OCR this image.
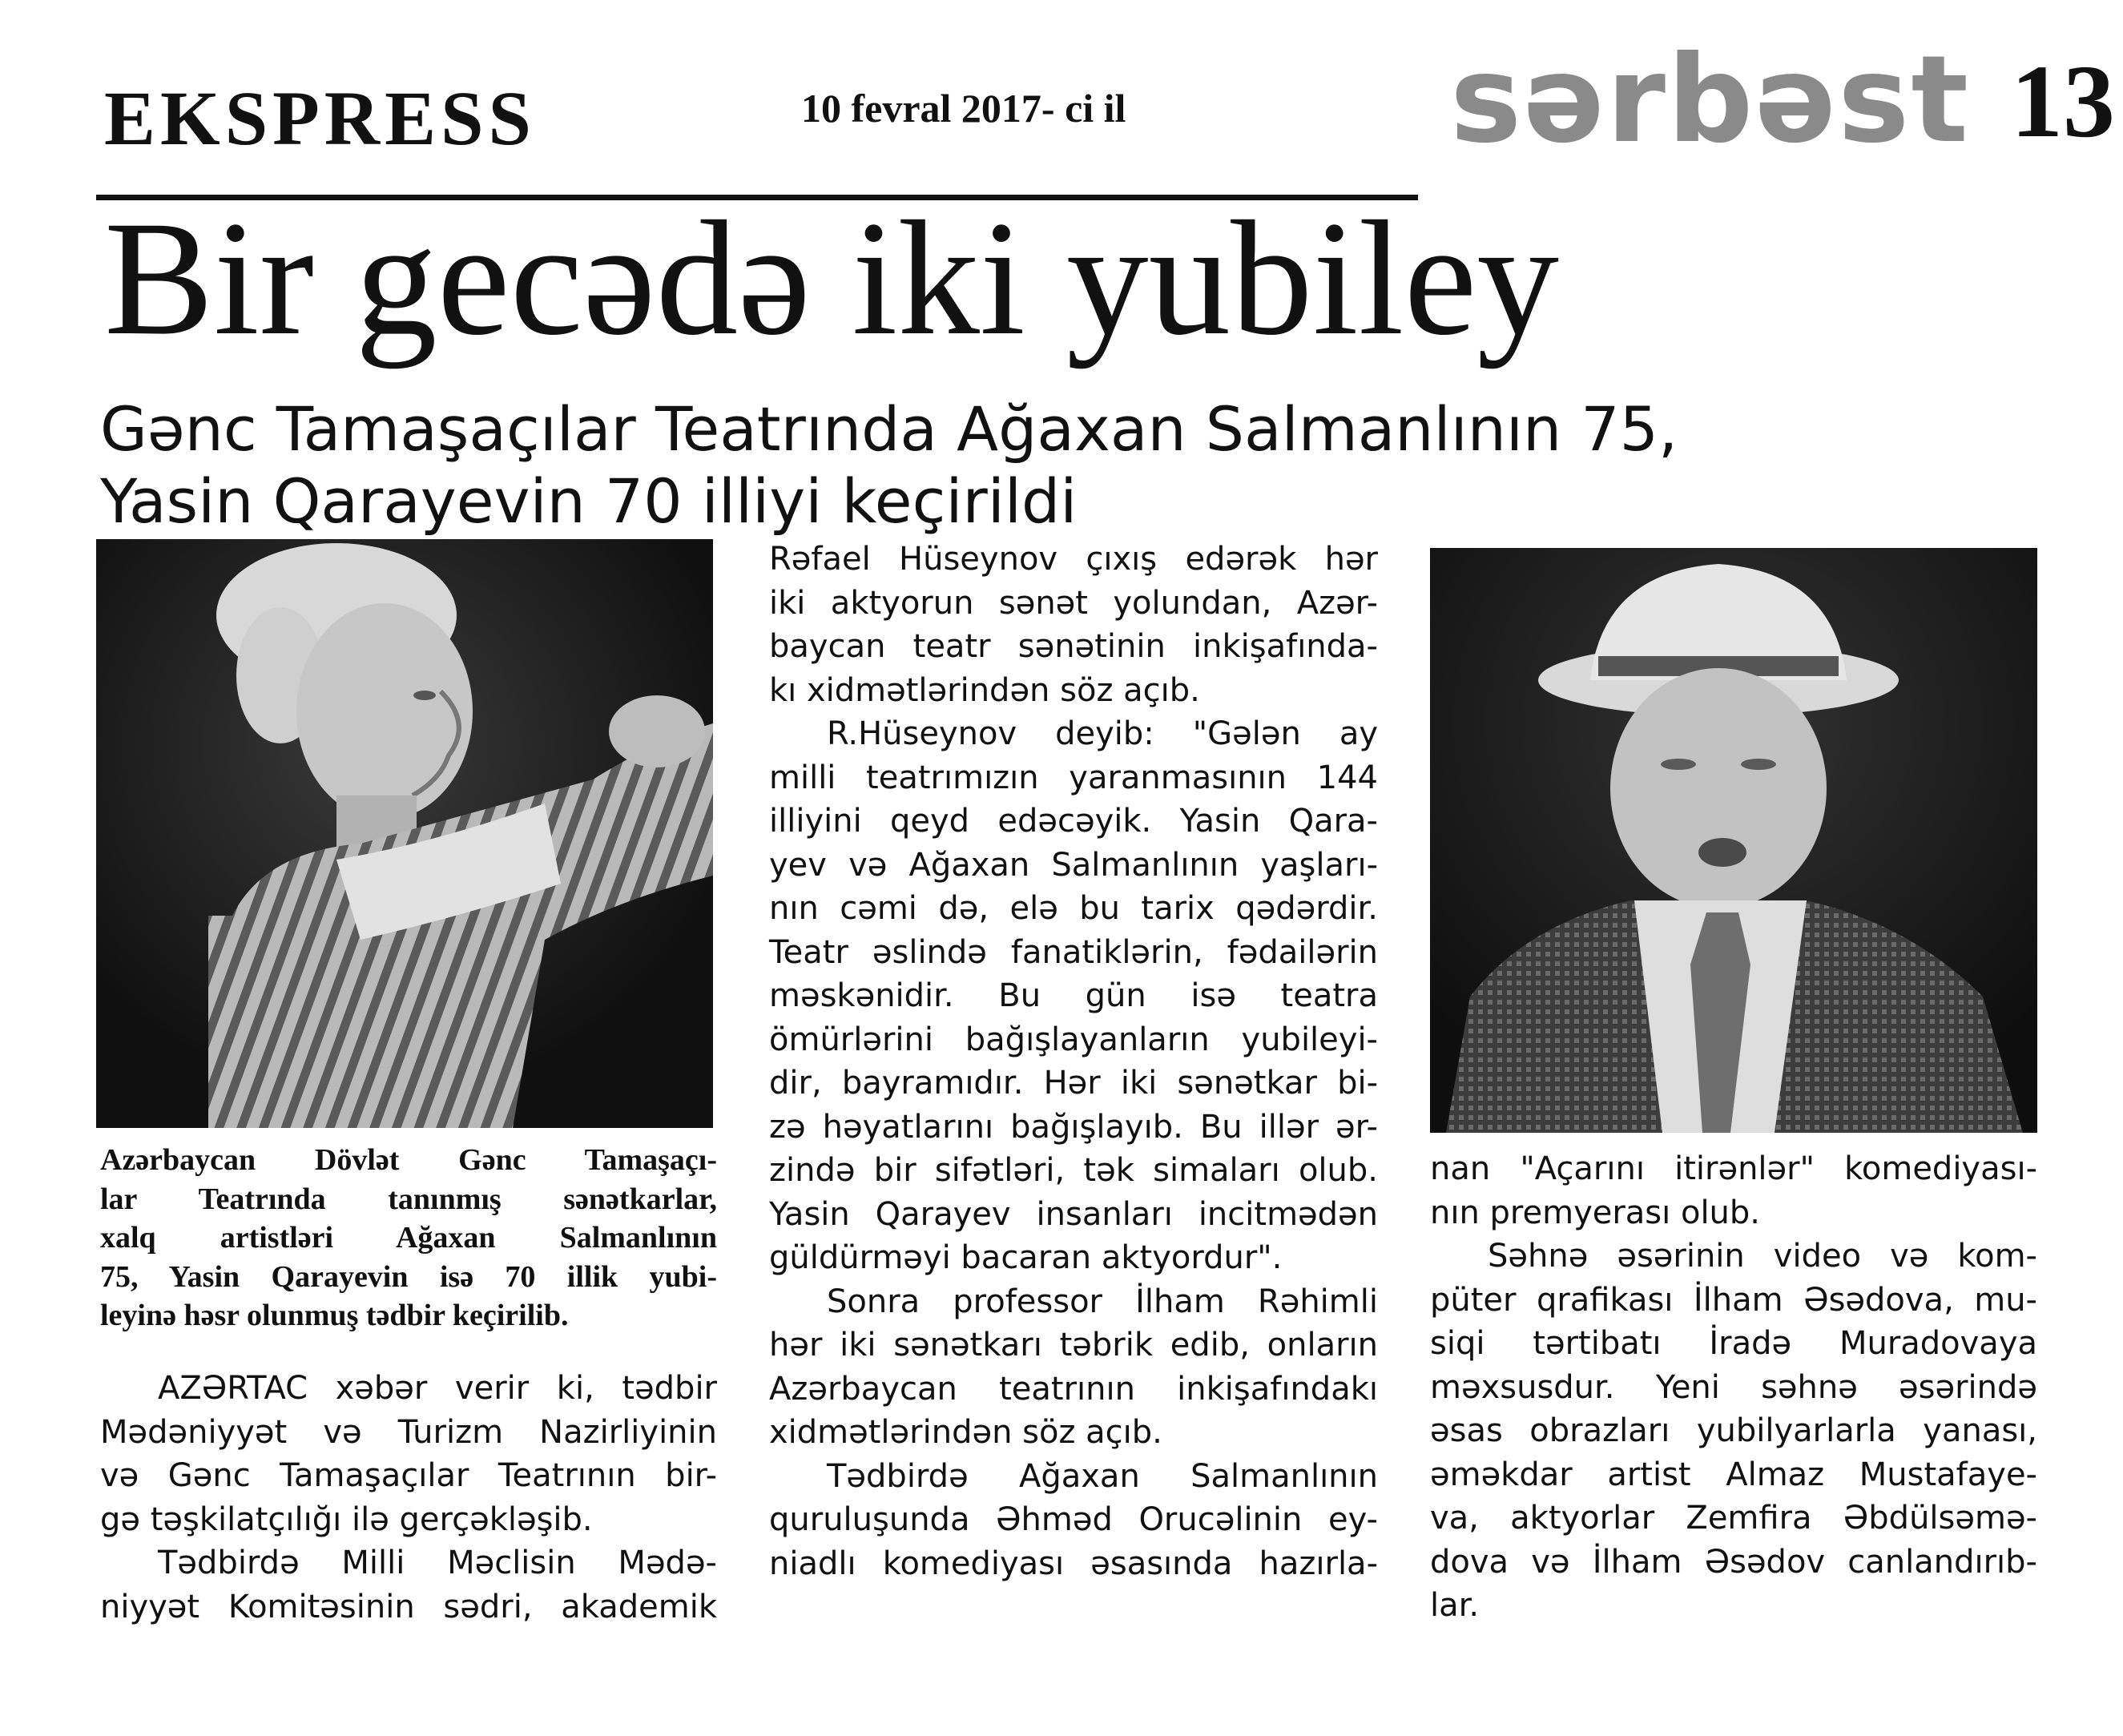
EKSPRESS	10 fevral 2017- ci il	sərbəst 13
Bir gecədə iki yubiley
Gənc Tamaşaçılar Teatrında Ağaxan Salmanlının 75,
Yasin Qarayevin 70 illiyi keçirildi
Azərbaycan Dövlət Gənc Tamaşaçı-
lar Teatrında tanınmış sənətkarlar,
xalq artistləri Ağaxan Salmanlının
75, Yasin Qarayevin isə 70 illik yubi-
leyinə həsr olunmuş tədbir keçirilib.
AZƏRTAC xəbər verir ki, tədbir
Mədəniyyət və Turizm Nazirliyinin
və Gənc Tamaşaçılar Teatrının bir-
gə təşkilatçılığı ilə gerçəkləşib.
Tədbirdə Milli Məclisin Mədə-
niyyət Komitəsinin sədri, akademik
Rəfael Hüseynov çıxış edərək hər
iki aktyorun sənət yolundan, Azər-
baycan teatr sənətinin inkişafında-
kı xidmətlərindən söz açıb.
R.Hüseynov deyib: "Gələn ay
milli teatrımızın yaranmasının 144
illiyini qeyd edəcəyik. Yasin Qara-
yev və Ağaxan Salmanlının yaşları-
nın cəmi də, elə bu tarix qədərdir.
Teatr əslində fanatiklərin, fədailərin
məskənidir. Bu gün isə teatra
ömürlərini bağışlayanların yubileyi-
dir, bayramıdır. Hər iki sənətkar bi-
zə həyatlarını bağışlayıb. Bu illər ər-
zində bir sifətləri, tək simaları olub.
Yasin Qarayev insanları incitmədən
güldürməyi bacaran aktyordur".
Sonra professor İlham Rəhimli
hər iki sənətkarı təbrik edib, onların
Azərbaycan teatrının inkişafındakı
xidmətlərindən söz açıb.
Tədbirdə Ağaxan Salmanlının
quruluşunda Əhməd Orucəlinin ey-
niadlı komediyası əsasında hazırla-
nan "Açarını itirənlər" komediyası-
nın premyerası olub.
Səhnə əsərinin video və kom-
püter qrafikası İlham Əsədova, mu-
siqi tərtibatı İradə Muradovaya
məxsusdur. Yeni səhnə əsərində
əsas obrazları yubilyarlarla yanası,
əməkdar artist Almaz Mustafaye-
va, aktyorlar Zemfira Əbdülsəmə-
dova və İlham Əsədov canlandırıb-
lar.
